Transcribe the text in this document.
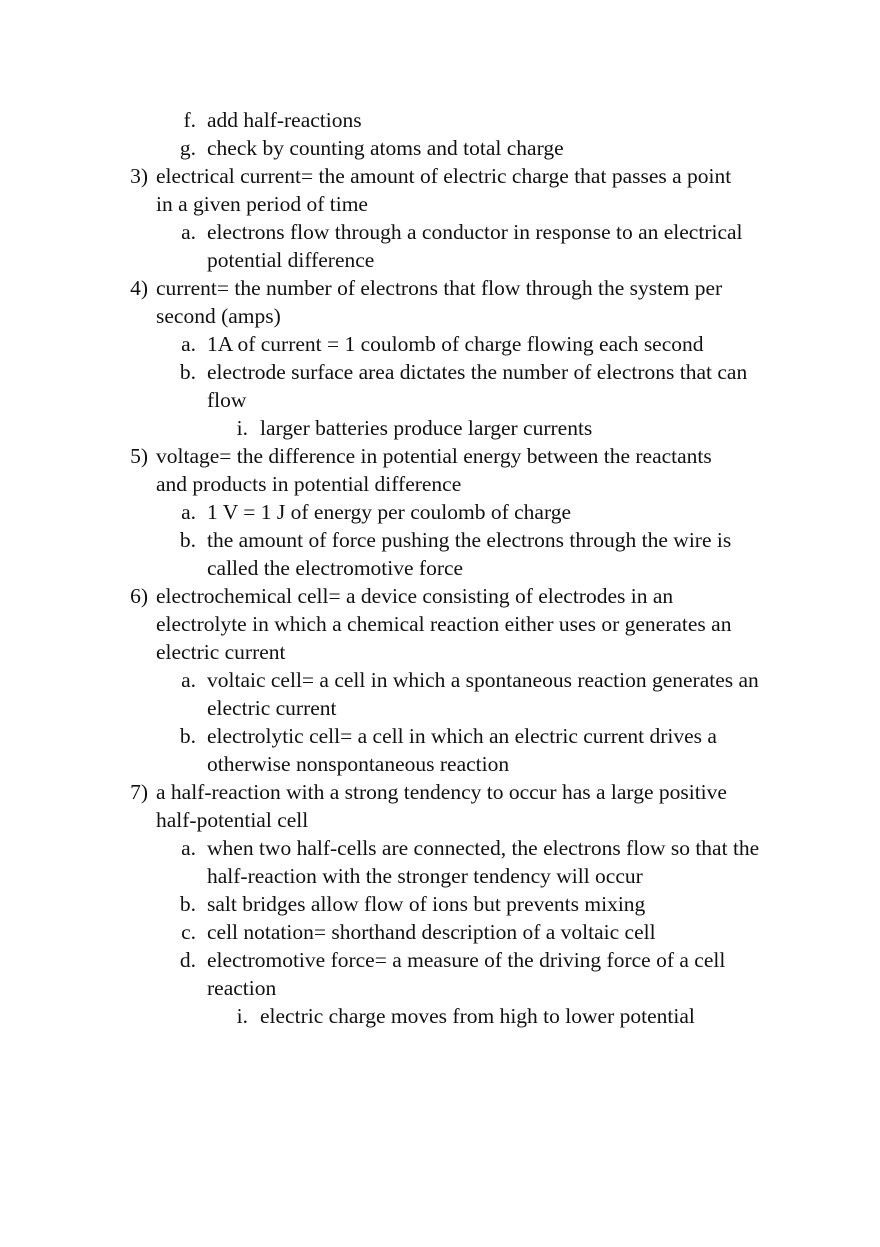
f. add half-reactions
g. check by counting atoms and total charge
3) electrical current= the amount of electric charge that passes a point in a given period of time
a. electrons flow through a conductor in response to an electrical potential difference
4) current= the number of electrons that flow through the system per second (amps)
a. 1A of current = 1 coulomb of charge flowing each second
b. electrode surface area dictates the number of electrons that can flow
i. larger batteries produce larger currents
5) voltage= the difference in potential energy between the reactants and products in potential difference
a. 1 V = 1 J of energy per coulomb of charge
b. the amount of force pushing the electrons through the wire is called the electromotive force
6) electrochemical cell= a device consisting of electrodes in an electrolyte in which a chemical reaction either uses or generates an electric current
a. voltaic cell= a cell in which a spontaneous reaction generates an electric current
b. electrolytic cell= a cell in which an electric current drives a otherwise nonspontaneous reaction
7) a half-reaction with a strong tendency to occur has a large positive half-potential cell
a. when two half-cells are connected, the electrons flow so that the half-reaction with the stronger tendency will occur
b. salt bridges allow flow of ions but prevents mixing
c. cell notation= shorthand description of a voltaic cell
d. electromotive force= a measure of the driving force of a cell reaction
i. electric charge moves from high to lower potential
